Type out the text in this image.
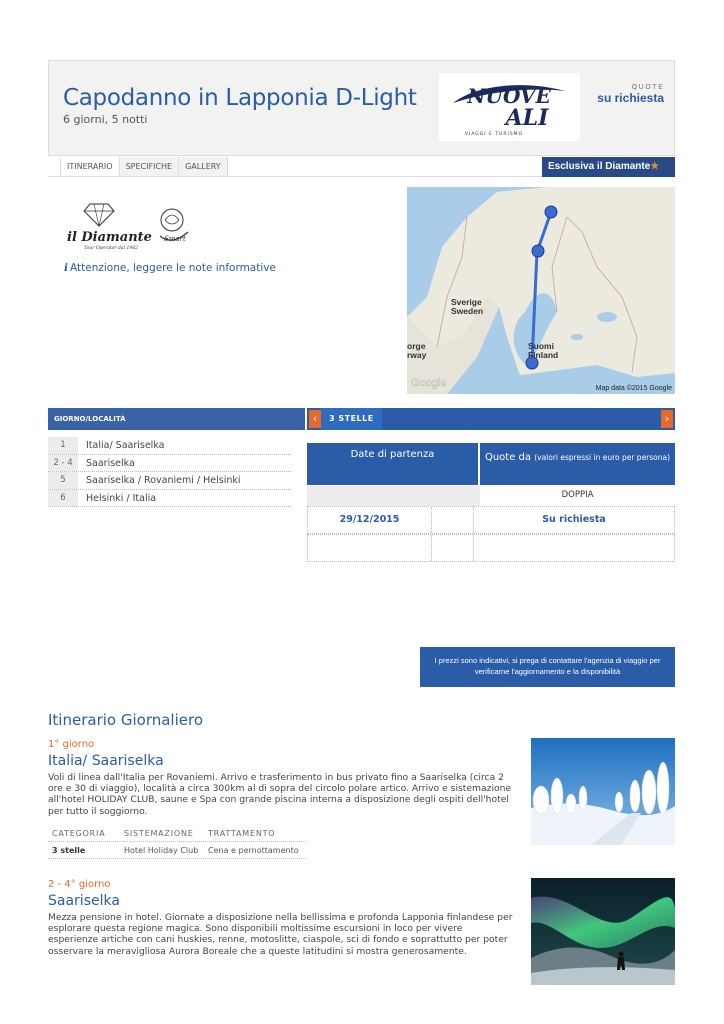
Capodanno in Lapponia D-Light
6 giorni, 5 notti
NUOVE
ALI
VIAGGI E TURISMO
QUOTE
su richiesta
ITINERARIO	SPECIFICHE	GALLERY	Esclusiva il Diamante★
il Diamante
Tour Operator dal 1982
Smart
i Attenzione, leggere le note informative
Sverige
Sweden
Suomi
Finland
orge
rway
Google	Map data ©2015 Google
GIORNO/LOCALITÀ	‹	3 STELLE	›
1	Italia/ Saariselka
2 - 4	Saariselka
5	Saariselka / Rovaniemi / Helsinki
6	Helsinki / Italia
Date di partenza	Quote da (valori espressi in euro per persona)
DOPPIA
29/12/2015	Su richiesta
I prezzi sono indicativi, si prega di contattare l'agenzia di viaggio per verificarne l'aggiornamento e la disponibilità
Itinerario Giornaliero
1° giorno
Italia/ Saariselka
Voli di linea dall'Italia per Rovaniemi. Arrivo e trasferimento in bus privato fino a Saariselka (circa 2 ore e 30 di viaggio), località a circa 300km al di sopra del circolo polare artico. Arrivo e sistemazione all'hotel HOLIDAY CLUB, saune e Spa con grande piscina interna a disposizione degli ospiti dell'hotel per tutto il soggiorno.
CATEGORIA	SISTEMAZIONE	TRATTAMENTO
3 stelle	Hotel Holiday Club	Cena e pernottamento
2 - 4° giorno
Saariselka
Mezza pensione in hotel. Giornate a disposizione nella bellissima e profonda Lapponia finlandese per esplorare questa regione magica. Sono disponibili moltissime escursioni in loco per vivere esperienze artiche con cani huskies, renne, motoslitte, ciaspole, sci di fondo e soprattutto per poter osservare la meravigliosa Aurora Boreale che a queste latitudini si mostra generosamente.
